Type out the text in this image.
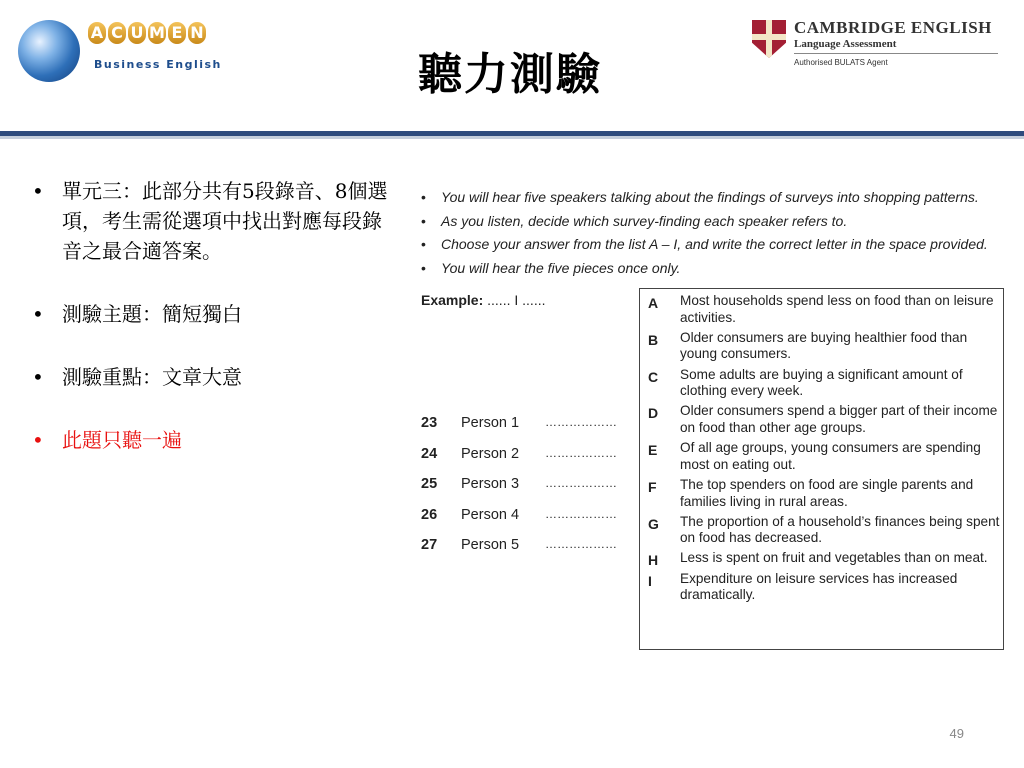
A C U M E N
Business English	聽力測驗
CAMBRIDGE ENGLISH
Language Assessment
Authorised BULATS Agent
• 單元三：此部分共有5段錄音、8個選項，考生需從選項中找出對應每段錄音之最合適答案。
• 測驗主題：簡短獨白
• 測驗重點：文章大意
• 此題只聽一遍
• You will hear five speakers talking about the findings of surveys into shopping patterns.
• As you listen, decide which survey-finding each speaker refers to.
• Choose your answer from the list A – I, and write the correct letter in the space provided.
• You will hear the five pieces once only.
Example: ...... I ......
23 Person 1 ………………
24 Person 2 ………………
25 Person 3 ………………
26 Person 4 ………………
27 Person 5 ………………
A Most households spend less on food than on leisure activities.
B Older consumers are buying healthier food than young consumers.
C Some adults are buying a significant amount of clothing every week.
D Older consumers spend a bigger part of their income on food than other age groups.
E Of all age groups, young consumers are spending most on eating out.
F The top spenders on food are single parents and families living in rural areas.
G The proportion of a household’s finances being spent on food has decreased.
H Less is spent on fruit and vegetables than on meat.
I Expenditure on leisure services has increased dramatically.
49
